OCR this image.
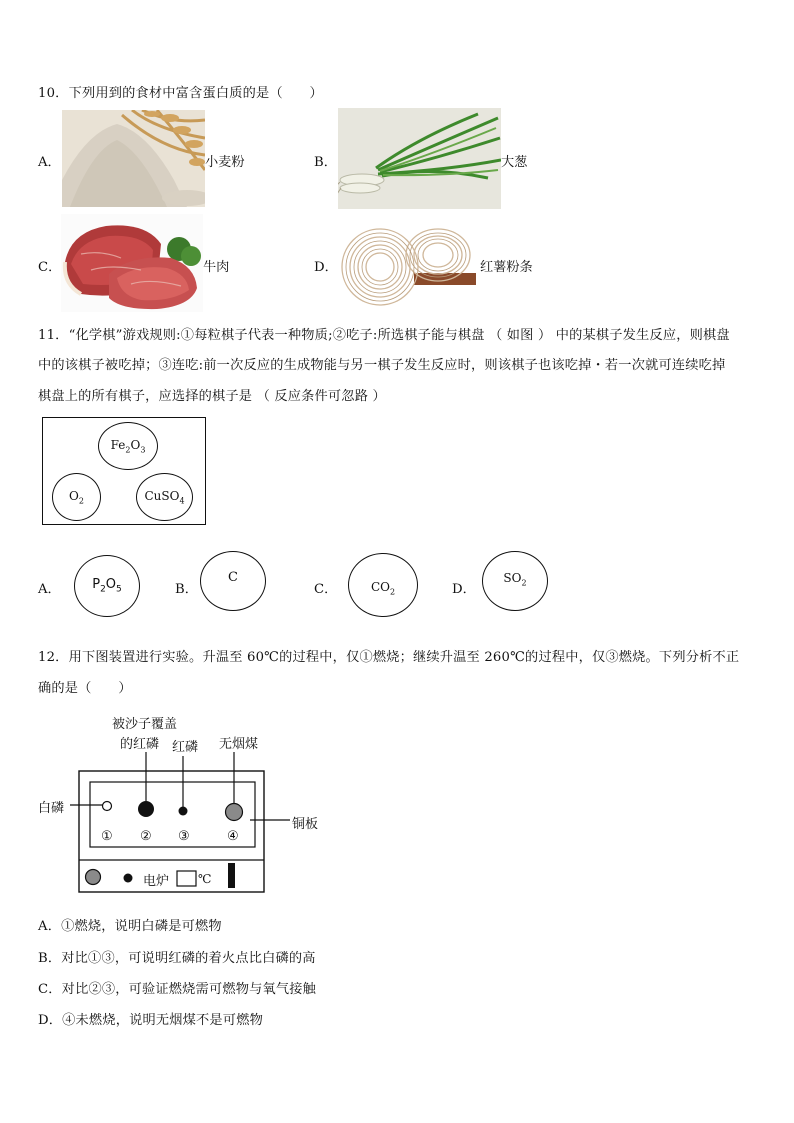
10．下列用到的食材中富含蛋白质的是（　　）
A．	小麦粉	B．	大葱
C．	牛肉	D．	红薯粉条
11．“化学棋”游戏规则:①每粒棋子代表一种物质;②吃子:所选棋子能与棋盘 （ 如图 ） 中的某棋子发生反应，则棋盘
中的该棋子被吃掉；③连吃:前一次反应的生成物能与另一棋子发生反应时，则该棋子也该吃掉・若一次就可连续吃掉
棋盘上的所有棋子，应选择的棋子是 （ 反应条件可忽路 ）
$Fe_2O_3$
$O_2$	CuSO$_4$
A． $P_2O_5$	B．
C
C．	$CO_2$	D．
$SO_2$
12．用下图装置进行实验。升温至 60℃的过程中，仅①燃烧；继续升温至 260℃的过程中，仅③燃烧。下列分析不正
确的是（　　）
被沙子覆盖
的红磷 红磷 无烟煤
白磷
铜板
① ② ③	④
电炉 ℃
A．①燃烧，说明白磷是可燃物
B．对比①③，可说明红磷的着火点比白磷的高
C．对比②③，可验证燃烧需可燃物与氧气接触
D．④未燃烧，说明无烟煤不是可燃物
